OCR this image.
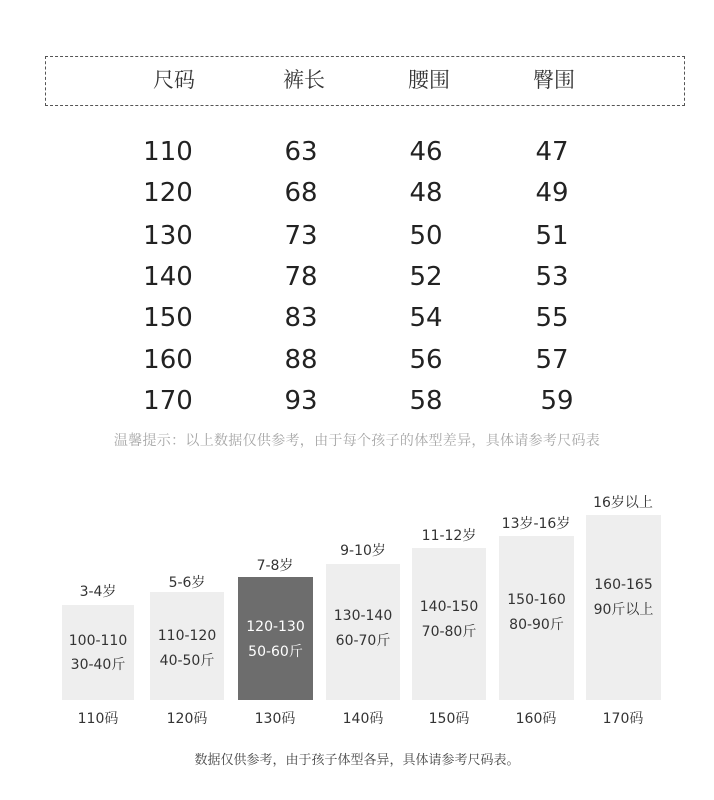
尺码	裤长	腰围	臀围
110	63	46	47
120	68	48	49
130	73	50	51
140	78	52	53
150	83	54	55
160	88	56	57
170	93	58	59
温馨提示：以上数据仅供参考，由于每个孩子的体型差异，具体请参考尺码表
3-4岁
100-110
30-40斤
110码
5-6岁
110-120
40-50斤
120码
7-8岁
120-130
50-60斤
130码
9-10岁
130-140
60-70斤
140码
11-12岁
140-150
70-80斤
150码
13岁-16岁
150-160
80-90斤
160码
16岁以上
160-165
90斤以上
170码
数据仅供参考，由于孩子体型各异，具体请参考尺码表。
